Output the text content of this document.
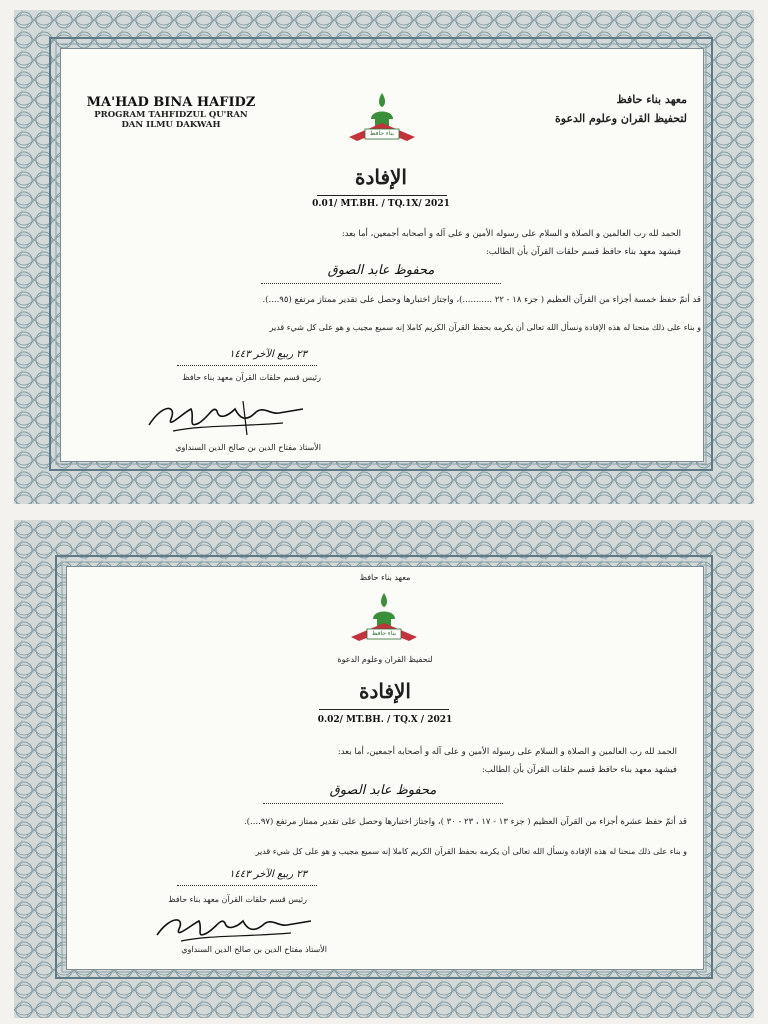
MA'HAD BINA HAFIDZ
PROGRAM TAHFIDZUL QU'RAN
DAN ILMU DAKWAH
معهد بناء حافظ
لتحفيظ القران وعلوم الدعوة
بناء حافظ
الإفادة
0.01/ MT.BH. / TQ.1X/ 2021
الحمد لله رب العالمين و الصلاة و السلام على رسوله الأمين و على آله و أصحابه أجمعين، أما بعد:
فيشهد معهد بناء حافظ قسم حلقات القرآن بأن الطالب:
محفوظ عابد الصوق
قد أتمّ حفظ خمسة أجزاء من القرآن العظيم ( جزء ١٨ - ٢٢ ...........)، واجتاز اختبارها وحصل على تقدير ممتاز مرتفع (٩٥....).
و بناء على ذلك منحنا له هذه الإفادة ونسأل الله تعالى أن يكرمه بحفظ القرآن الكريم كاملا إنه سميع مجيب و هو على كل شيء قدير
٢٣ ربيع الآخر ١٤٤٣
رئيس قسم حلقات القرآن معهد بناء حافظ
الأستاذ مفتاح الدين بن صالح الدين السنداوي
معهد بناء حافظ
بناء حافظ
لتحفيظ القران وعلوم الدعوة
الإفادة
0.02/ MT.BH. / TQ.X / 2021
الحمد لله رب العالمين و الصلاة و السلام على رسوله الأمين و على آله و أصحابه أجمعين، أما بعد:
فيشهد معهد بناء حافظ قسم حلقات القرآن بأن الطالب:
محفوظ عابد الصوق
قد أتمّ حفظ عشرة أجزاء من القرآن العظيم ( جزء ١٣ - ١٧ ، ٢٣ - ٣٠ )، واجتاز اختبارها وحصل على تقدير ممتاز مرتفع (٩٧....).
و بناء على ذلك منحنا له هذه الإفادة ونسأل الله تعالى أن يكرمه بحفظ القرآن الكريم كاملا إنه سميع مجيب و هو على كل شيء قدير
٢٣ ربيع الآخر ١٤٤٣
رئيس قسم حلقات القرآن معهد بناء حافظ
الأستاذ مفتاح الدين بن صالح الدين السنداوي
